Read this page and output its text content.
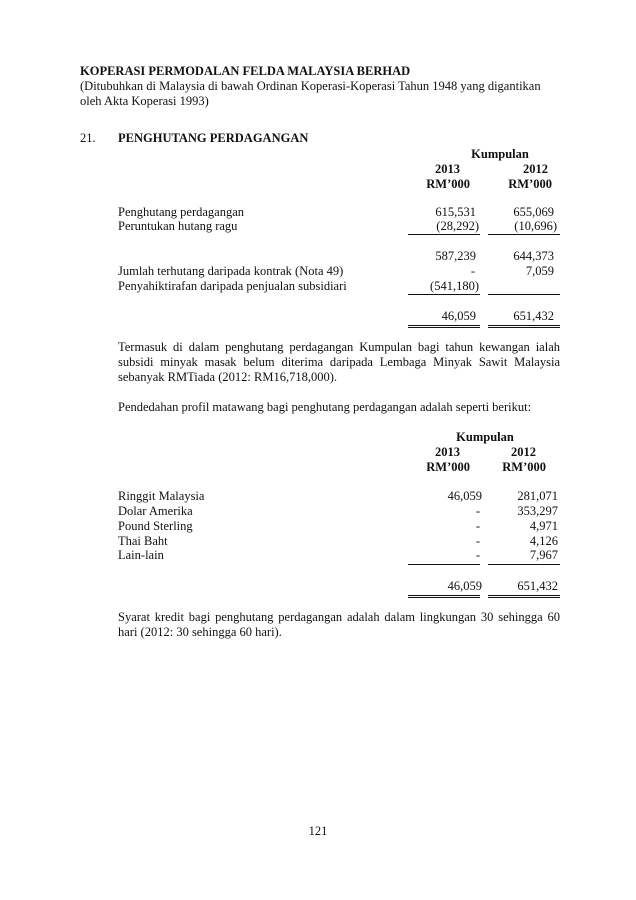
KOPERASI PERMODALAN FELDA MALAYSIA BERHAD
(Ditubuhkan di Malaysia di bawah Ordinan Koperasi-Koperasi Tahun 1948 yang digantikan
oleh Akta Koperasi 1993)
21. PENGHUTANG PERDAGANGAN
Kumpulan
2013	2012
RM’000	RM’000
Penghutang perdagangan	615,531	655,069
Peruntukan hutang ragu	(28,292)	(10,696)
587,239	644,373
Jumlah terhutang daripada kontrak (Nota 49)	-	7,059
Penyahiktirafan daripada penjualan subsidiari	(541,180)
46,059	651,432
Termasuk di dalam penghutang perdagangan Kumpulan bagi tahun kewangan ialah
subsidi minyak masak belum diterima daripada Lembaga Minyak Sawit Malaysia
sebanyak RMTiada (2012: RM16,718,000).
Pendedahan profil matawang bagi penghutang perdagangan adalah seperti berikut:
Kumpulan
2013	2012
RM’000	RM’000
Ringgit Malaysia	46,059	281,071
Dolar Amerika	-	353,297
Pound Sterling	-	4,971
Thai Baht	-	4,126
Lain-lain	-	7,967
46,059	651,432
Syarat kredit bagi penghutang perdagangan adalah dalam lingkungan 30 sehingga 60
hari (2012: 30 sehingga 60 hari).
121
